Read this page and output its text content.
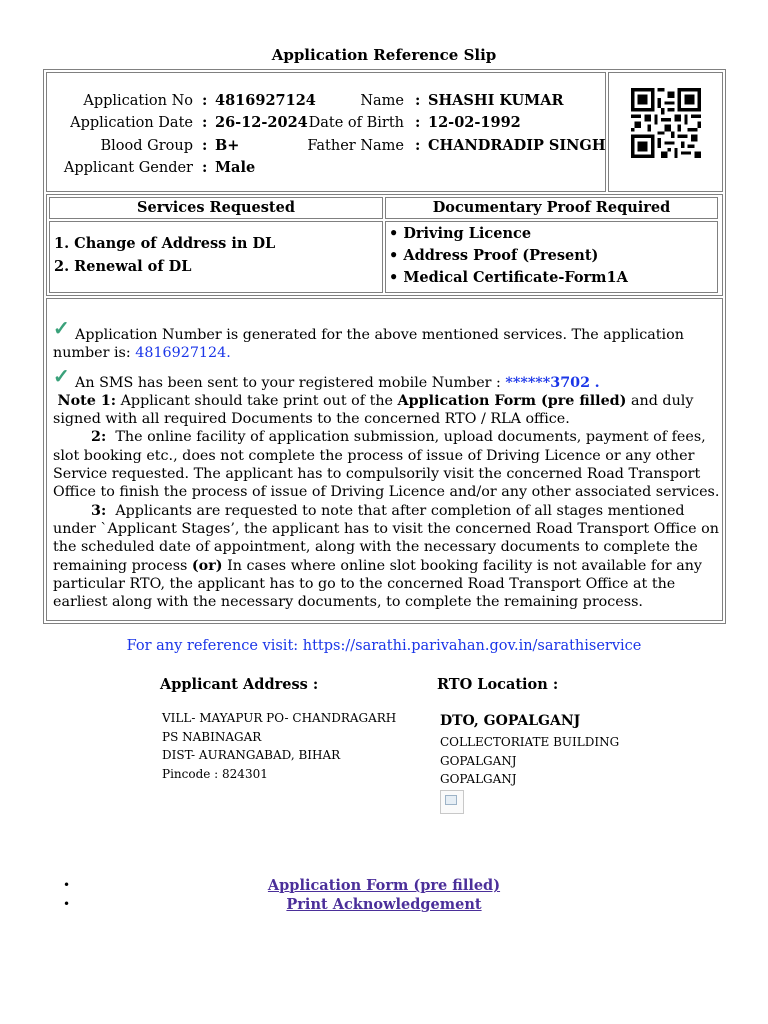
Application Reference Slip
Application No : 4816927124
Application Date : 26-12-2024
Blood Group : B+
Applicant Gender : Male
Name : SHASHI KUMAR
Date of Birth : 12-02-1992
Father Name : CHANDRADIP SINGH
Services Requested	Documentary Proof Required
1. Change of Address in DL
2. Renewal of DL
• Driving Licence
• Address Proof (Present)
• Medical Certificate-Form1A

✓ Application Number is generated for the above mentioned services. The application number is: 4816927124.

✓ An SMS has been sent to your registered mobile Number : ******3702 .

Note 1: Applicant should take print out of the Application Form (pre filled) and duly signed with all required Documents to the concerned RTO / RLA office.

2: The online facility of application submission, upload documents, payment of fees, slot booking etc., does not complete the process of issue of Driving Licence or any other Service requested. The applicant has to compulsorily visit the concerned Road Transport Office to finish the process of issue of Driving Licence and/or any other associated services.

3: Applicants are requested to note that after completion of all stages mentioned under `Applicant Stages’, the applicant has to visit the concerned Road Transport Office on the scheduled date of appointment, along with the necessary documents to complete the remaining process (or) In cases where online slot booking facility is not available for any particular RTO, the applicant has to go to the concerned Road Transport Office at the earliest along with the necessary documents, to complete the remaining process.

For any reference visit: https://sarathi.parivahan.gov.in/sarathiservice
Applicant Address :	RTO Location :
VILL- MAYAPUR PO- CHANDRAGARH
PS NABINAGAR
DIST- AURANGABAD, BIHAR
Pincode : 824301
DTO, GOPALGANJ
COLLECTORIATE BUILDING
GOPALGANJ
GOPALGANJ
•	Application Form (pre filled)
•	Print Acknowledgement
